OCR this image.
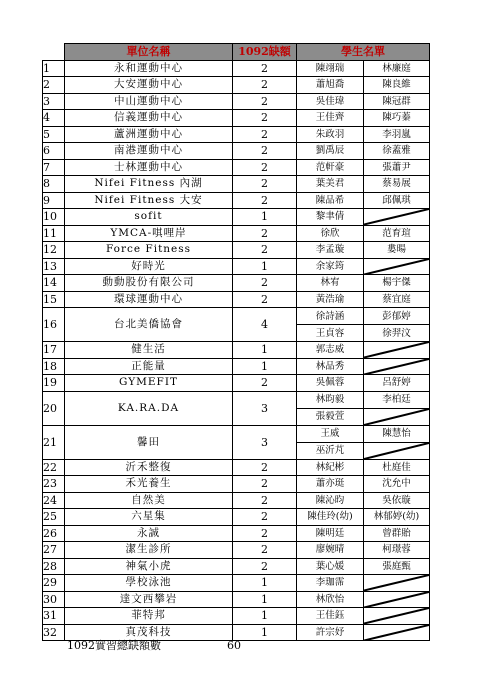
	單位名稱	1092缺額	學生名單	
1	永和運動中心	2	陳翊瑞	林廉庭
2	大安運動中心	2	蕭旭喬	陳良維
3	中山運動中心	2	吳佳瑋	陳冠群
4	信義運動中心	2	王佳齊	陳巧蓁
5	蘆洲運動中心	2	朱政羽	李羽嵐
6	南港運動中心	2	劉禹辰	徐蓋雅
7	士林運動中心	2	范軒豪	張蕭尹
8	Nifei Fitness 內湖	2	葉美君	蔡易展
9	Nifei Fitness 大安	2	陳品希	邱佩琪
10	sofit	1	黎聿倩	

11	YMCA-唭哩岸	2	徐欣	范育瑄
12	Force Fitness	2	李孟璇	婁暘
13	好時光	1	余家筠	

14	動動股份有限公司	2	林宥	楊宇傑
15	環球運動中心	2	黃浩瑜	蔡宜庭
16	台北美僑協會	4	徐詩涵	彭郁婷
			王貞容	徐羿汶
17	健生活	1	郭志威	

18	正能量	1	林品秀	

19	GYMEFIT	2	吳佩蓉	呂舒婷
20	KA.RA.DA	3	林昀毅	李柏廷
			張毅萱	

21	馨田	3	王威	陳慧怡
			巫沂芃	

22	沂禾整復	2	林紀彬	杜庭佳
23	禾光養生	2	蕭亦珽	沈允中
24	自然美	2	陳沁昀	吳依璇
25	六星集	2	陳佳玲(幼)	林郁婷(幼)
26	永誠	2	陳明廷	曾群貽
27	潔生診所	2	廖婉晴	柯璟蓉
28	神氣小虎	2	葉心媛	張庭甄
29	學校泳池	1	李珈霈	

30	達文西攀岩	1	林欣怡	

31	菲特邦	1	王佳鈺	

32	真茂科技	1	許宗妤	
1092實習總缺額數	60
